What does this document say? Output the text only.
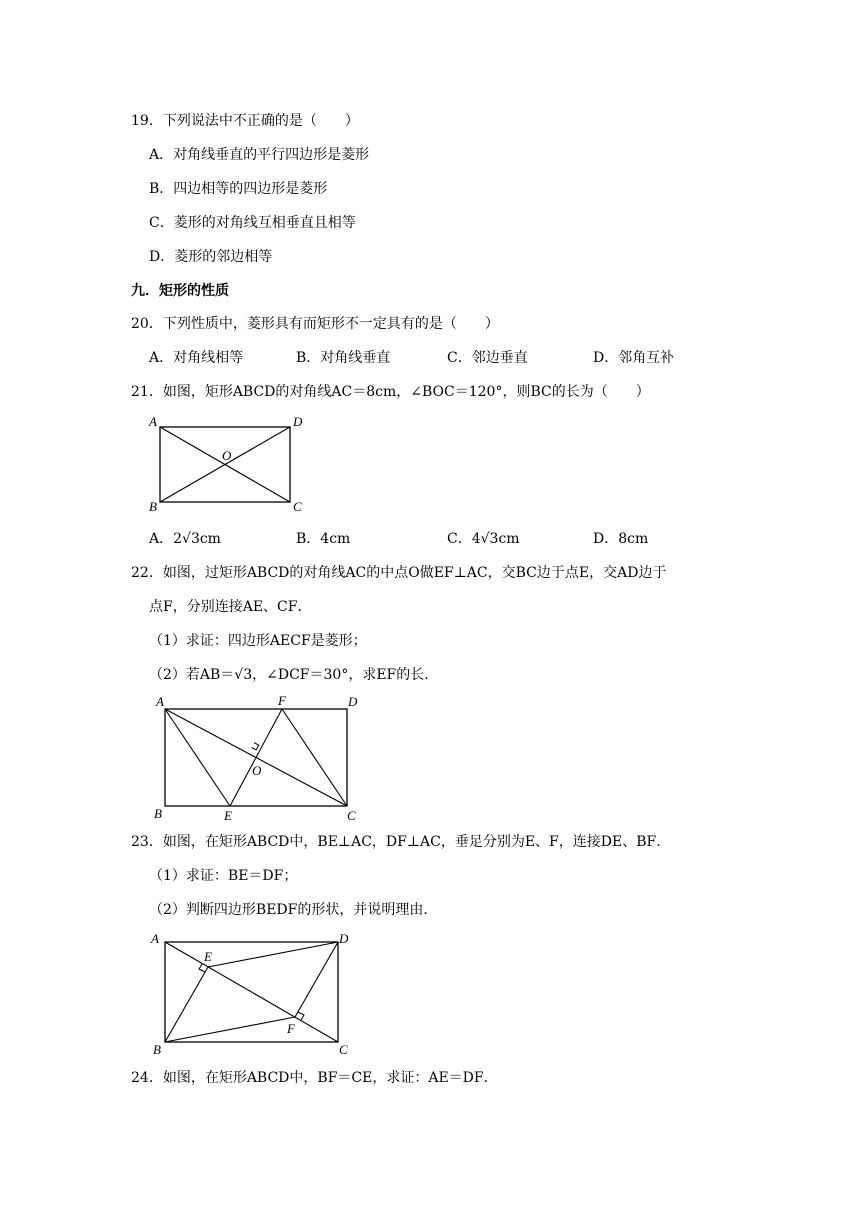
19．下列说法中不正确的是（　　）
A．对角线垂直的平行四边形是菱形
B．四边相等的四边形是菱形
C．菱形的对角线互相垂直且相等
D．菱形的邻边相等
九．矩形的性质
20．下列性质中，菱形具有而矩形不一定具有的是（　　）
A．对角线相等	B．对角线垂直	C．邻边垂直	D．邻角互补
21．如图，矩形ABCD的对角线AC＝8cm，∠BOC＝120°，则BC的长为（　　）
A	D
O
B	C
A．2√3cm	B．4cm	C．4√3cm	D．8cm
22．如图，过矩形ABCD的对角线AC的中点O做EF⊥AC，交BC边于点E，交AD边于
点F，分别连接AE、CF．
（1）求证：四边形AECF是菱形；
（2）若AB＝√3，∠DCF＝30°，求EF的长．
A	F	D
O
B	E	C
23．如图，在矩形ABCD中，BE⊥AC，DF⊥AC，垂足分别为E、F，连接DE、BF．
（1）求证：BE＝DF；
（2）判断四边形BEDF的形状，并说明理由．
A
E
D
F
B	C
24．如图，在矩形ABCD中，BF＝CE，求证：AE＝DF．
